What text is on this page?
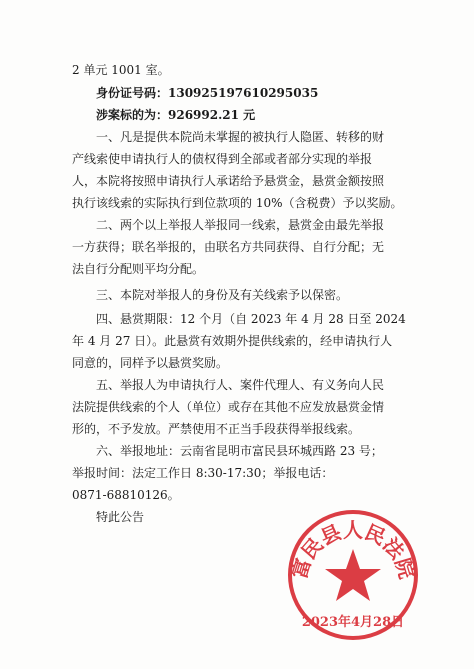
2 单元 1001 室。
身份证号码：130925197610295035
涉案标的为：926992.21 元
一、凡是提供本院尚未掌握的被执行人隐匿、转移的财
产线索使申请执行人的债权得到全部或者部分实现的举报
人，本院将按照申请执行人承诺给予悬赏金，悬赏金额按照
执行该线索的实际执行到位款项的 10%（含税费）予以奖励。
二、两个以上举报人举报同一线索，悬赏金由最先举报
一方获得；联名举报的，由联名方共同获得、自行分配；无
法自行分配则平均分配。
三、本院对举报人的身份及有关线索予以保密。
四、悬赏期限：12 个月（自 2023 年 4 月 28 日至 2024
年 4 月 27 日）。此悬赏有效期外提供线索的，经申请执行人
同意的，同样予以悬赏奖励。
五、举报人为申请执行人、案件代理人、有义务向人民
法院提供线索的个人（单位）或存在其他不应发放悬赏金情
形的，不予发放。严禁使用不正当手段获得举报线索。
六、举报地址：云南省昆明市富民县环城西路 23 号；
举报时间：法定工作日 8:30-17:30；举报电话：
0871-68810126。
特此公告
富民县人民法院
2023年4月28日
